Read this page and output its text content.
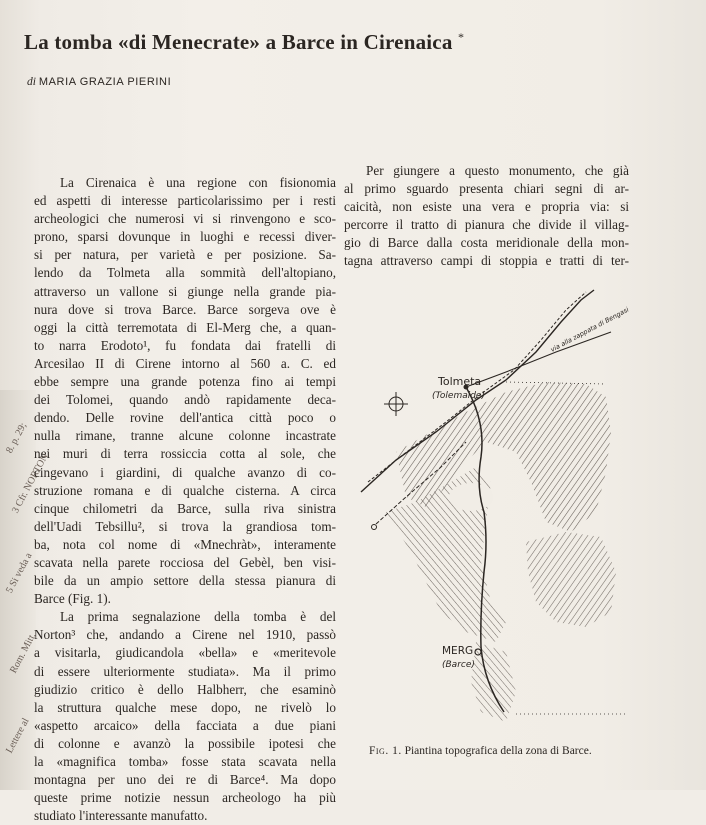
8. p. 29;
3 Cfr. NORTON
5 Si veda a
Rom. Mitt.
Lettere al
La tomba «di Menecrate» a Barce in Cirenaica *
di MARIA GRAZIA PIERINI

La Cirenaica è una regione con fisionomia
ed aspetti di interesse particolarissimo per i resti
archeologici che numerosi vi si rinvengono e sco-
prono, sparsi dovunque in luoghi e recessi diver-
si per natura, per varietà e per posizione. Sa-
lendo da Tolmeta alla sommità dell'altopiano,
attraverso un vallone si giunge nella grande pia-
nura dove si trova Barce. Barce sorgeva ove è
oggi la città terremotata di El-Merg che, a quan-
to narra Erodoto¹, fu fondata dai fratelli di
Arcesilao II di Cirene intorno al 560 a. C. ed
ebbe sempre una grande potenza fino ai tempi
dei Tolomei, quando andò rapidamente deca-
dendo. Delle rovine dell'antica città poco o
nulla rimane, tranne alcune colonne incastrate
nei muri di terra rossiccia cotta al sole, che
cingevano i giardini, di qualche avanzo di co-
struzione romana e di qualche cisterna. A circa
cinque chilometri da Barce, sulla riva sinistra
dell'Uadi Tebsillu², si trova la grandiosa tom-
ba, nota col nome di «Mnechràt», interamente
scavata nella parete rocciosa del Gebèl, ben visi-
bile da un ampio settore della stessa pianura di
Barce (Fig. 1).

La prima segnalazione della tomba è del
Norton³ che, andando a Cirene nel 1910, passò
a visitarla, giudicandola «bella» e «meritevole
di essere ulteriormente studiata». Ma il primo
giudizio critico è dello Halbherr, che esaminò
la struttura qualche mese dopo, ne rivelò lo
«aspetto arcaico» della facciata a due piani
di colonne e avanzò la possibile ipotesi che
la «magnifica tomba» fosse stata scavata nella
montagna per uno dei re di Barce⁴. Ma dopo
queste prime notizie nessun archeologo ha più
studiato l'interessante manufatto.

Per giungere a questo monumento, che già
al primo sguardo presenta chiari segni di ar-
caicità, non esiste una vera e propria via: si
percorre il tratto di pianura che divide il villag-
gio di Barce dalla costa meridionale della mon-
tagna attraverso campi di stoppia e tratti di ter-

Tolmeta
(Tolemaide)
MERG
(Barce)
via alla zappata di Bengasi
Fig. 1. Piantina topografica della zona di Barce.
